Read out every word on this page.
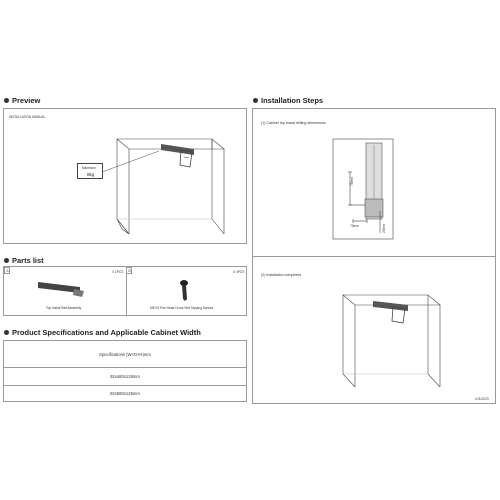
Preview
INSTALLATION MANUAL
Maximum
8kg
Installation Steps
(1) Cabinet top board drilling dimensions
75mm
73mm	23mm
(2) Installation completed
XJ5-2023
Parts list
A	X 1PCS
Top Install Rail Assembly
B	X 4PCS
M4*20 Pan Head Cross Self Tapping Screws
Product Specifications and Applicable Cabinet Width
Specifications (W×D×H)mm
92x460x126mm
92x560x126mm
